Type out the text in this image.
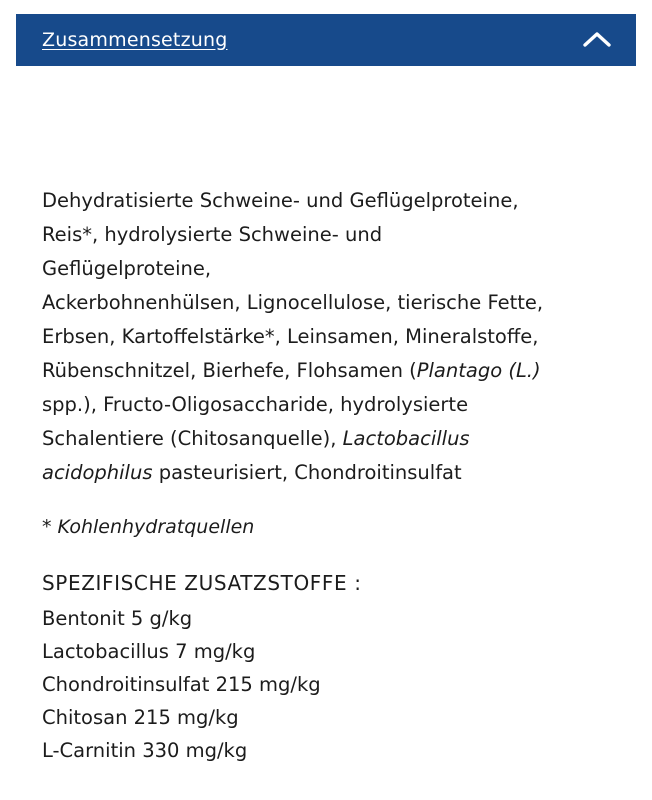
Zusammensetzung

Dehydratisierte Schweine- und Geflügelproteine,
Reis*, hydrolysierte Schweine- und
Geflügelproteine,
Ackerbohnenhülsen, Lignocellulose, tierische Fette,
Erbsen, Kartoffelstärke*, Leinsamen, Mineralstoffe,
Rübenschnitzel, Bierhefe, Flohsamen (Plantago (L.)
spp.), Fructo-Oligosaccharide, hydrolysierte
Schalentiere (Chitosanquelle), Lactobacillus
acidophilus pasteurisiert, Chondroitinsulfat

* Kohlenhydratquellen

SPEZIFISCHE ZUSATZSTOFFE :

Bentonit 5 g/kg
Lactobacillus 7 mg/kg
Chondroitinsulfat 215 mg/kg
Chitosan 215 mg/kg
L-Carnitin 330 mg/kg
